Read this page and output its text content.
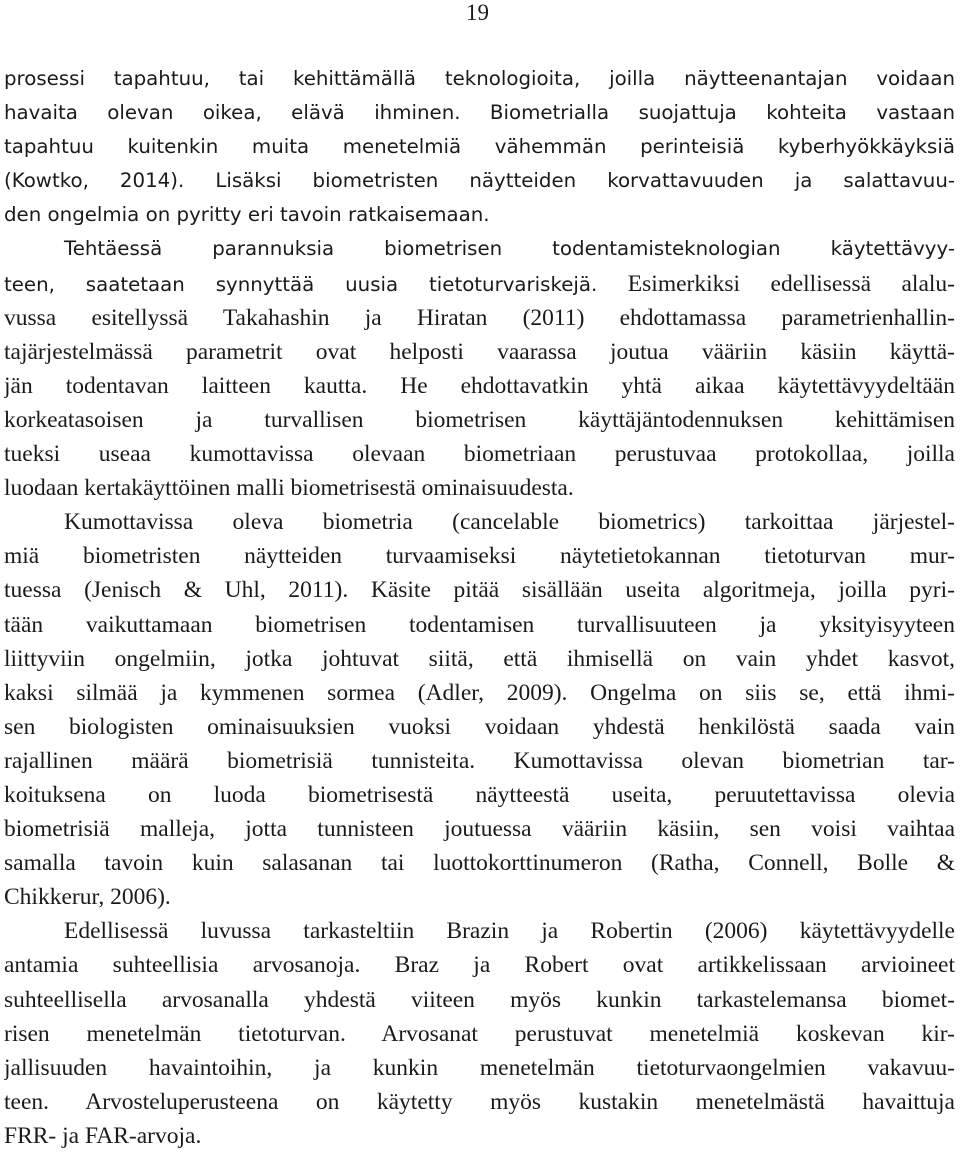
19
prosessi tapahtuu, tai kehittämällä teknologioita, joilla näytteenantajan voidaan
havaita olevan oikea, elävä ihminen. Biometrialla suojattuja kohteita vastaan
tapahtuu kuitenkin muita menetelmiä vähemmän perinteisiä kyberhyökkäyksiä
(Kowtko, 2014). Lisäksi biometristen näytteiden korvattavuuden ja salattavuu-
den ongelmia on pyritty eri tavoin ratkaisemaan.
Tehtäessä parannuksia biometrisen todentamisteknologian käytettävyy-
teen, saatetaan synnyttää uusia tietoturvariskejä. Esimerkiksi edellisessä alalu-
vussa esitellyssä Takahashin ja Hiratan (2011) ehdottamassa parametrienhallin-
tajärjestelmässä parametrit ovat helposti vaarassa joutua vääriin käsiin käyttä-
jän todentavan laitteen kautta. He ehdottavatkin yhtä aikaa käytettävyydeltään
korkeatasoisen ja turvallisen biometrisen käyttäjäntodennuksen kehittämisen
tueksi useaa kumottavissa olevaan biometriaan perustuvaa protokollaa, joilla
luodaan kertakäyttöinen malli biometrisestä ominaisuudesta.
Kumottavissa oleva biometria (cancelable biometrics) tarkoittaa järjestel-
miä biometristen näytteiden turvaamiseksi näytetietokannan tietoturvan mur-
tuessa (Jenisch & Uhl, 2011). Käsite pitää sisällään useita algoritmeja, joilla pyri-
tään vaikuttamaan biometrisen todentamisen turvallisuuteen ja yksityisyyteen
liittyviin ongelmiin, jotka johtuvat siitä, että ihmisellä on vain yhdet kasvot,
kaksi silmää ja kymmenen sormea (Adler, 2009). Ongelma on siis se, että ihmi-
sen biologisten ominaisuuksien vuoksi voidaan yhdestä henkilöstä saada vain
rajallinen määrä biometrisiä tunnisteita. Kumottavissa olevan biometrian tar-
koituksena on luoda biometrisestä näytteestä useita, peruutettavissa olevia
biometrisiä malleja, jotta tunnisteen joutuessa vääriin käsiin, sen voisi vaihtaa
samalla tavoin kuin salasanan tai luottokorttinumeron (Ratha, Connell, Bolle &
Chikkerur, 2006).
Edellisessä luvussa tarkasteltiin Brazin ja Robertin (2006) käytettävyydelle
antamia suhteellisia arvosanoja. Braz ja Robert ovat artikkelissaan arvioineet
suhteellisella arvosanalla yhdestä viiteen myös kunkin tarkastelemansa biomet-
risen menetelmän tietoturvan. Arvosanat perustuvat menetelmiä koskevan kir-
jallisuuden havaintoihin, ja kunkin menetelmän tietoturvaongelmien vakavuu-
teen. Arvosteluperusteena on käytetty myös kustakin menetelmästä havaittuja
FRR- ja FAR-arvoja.
